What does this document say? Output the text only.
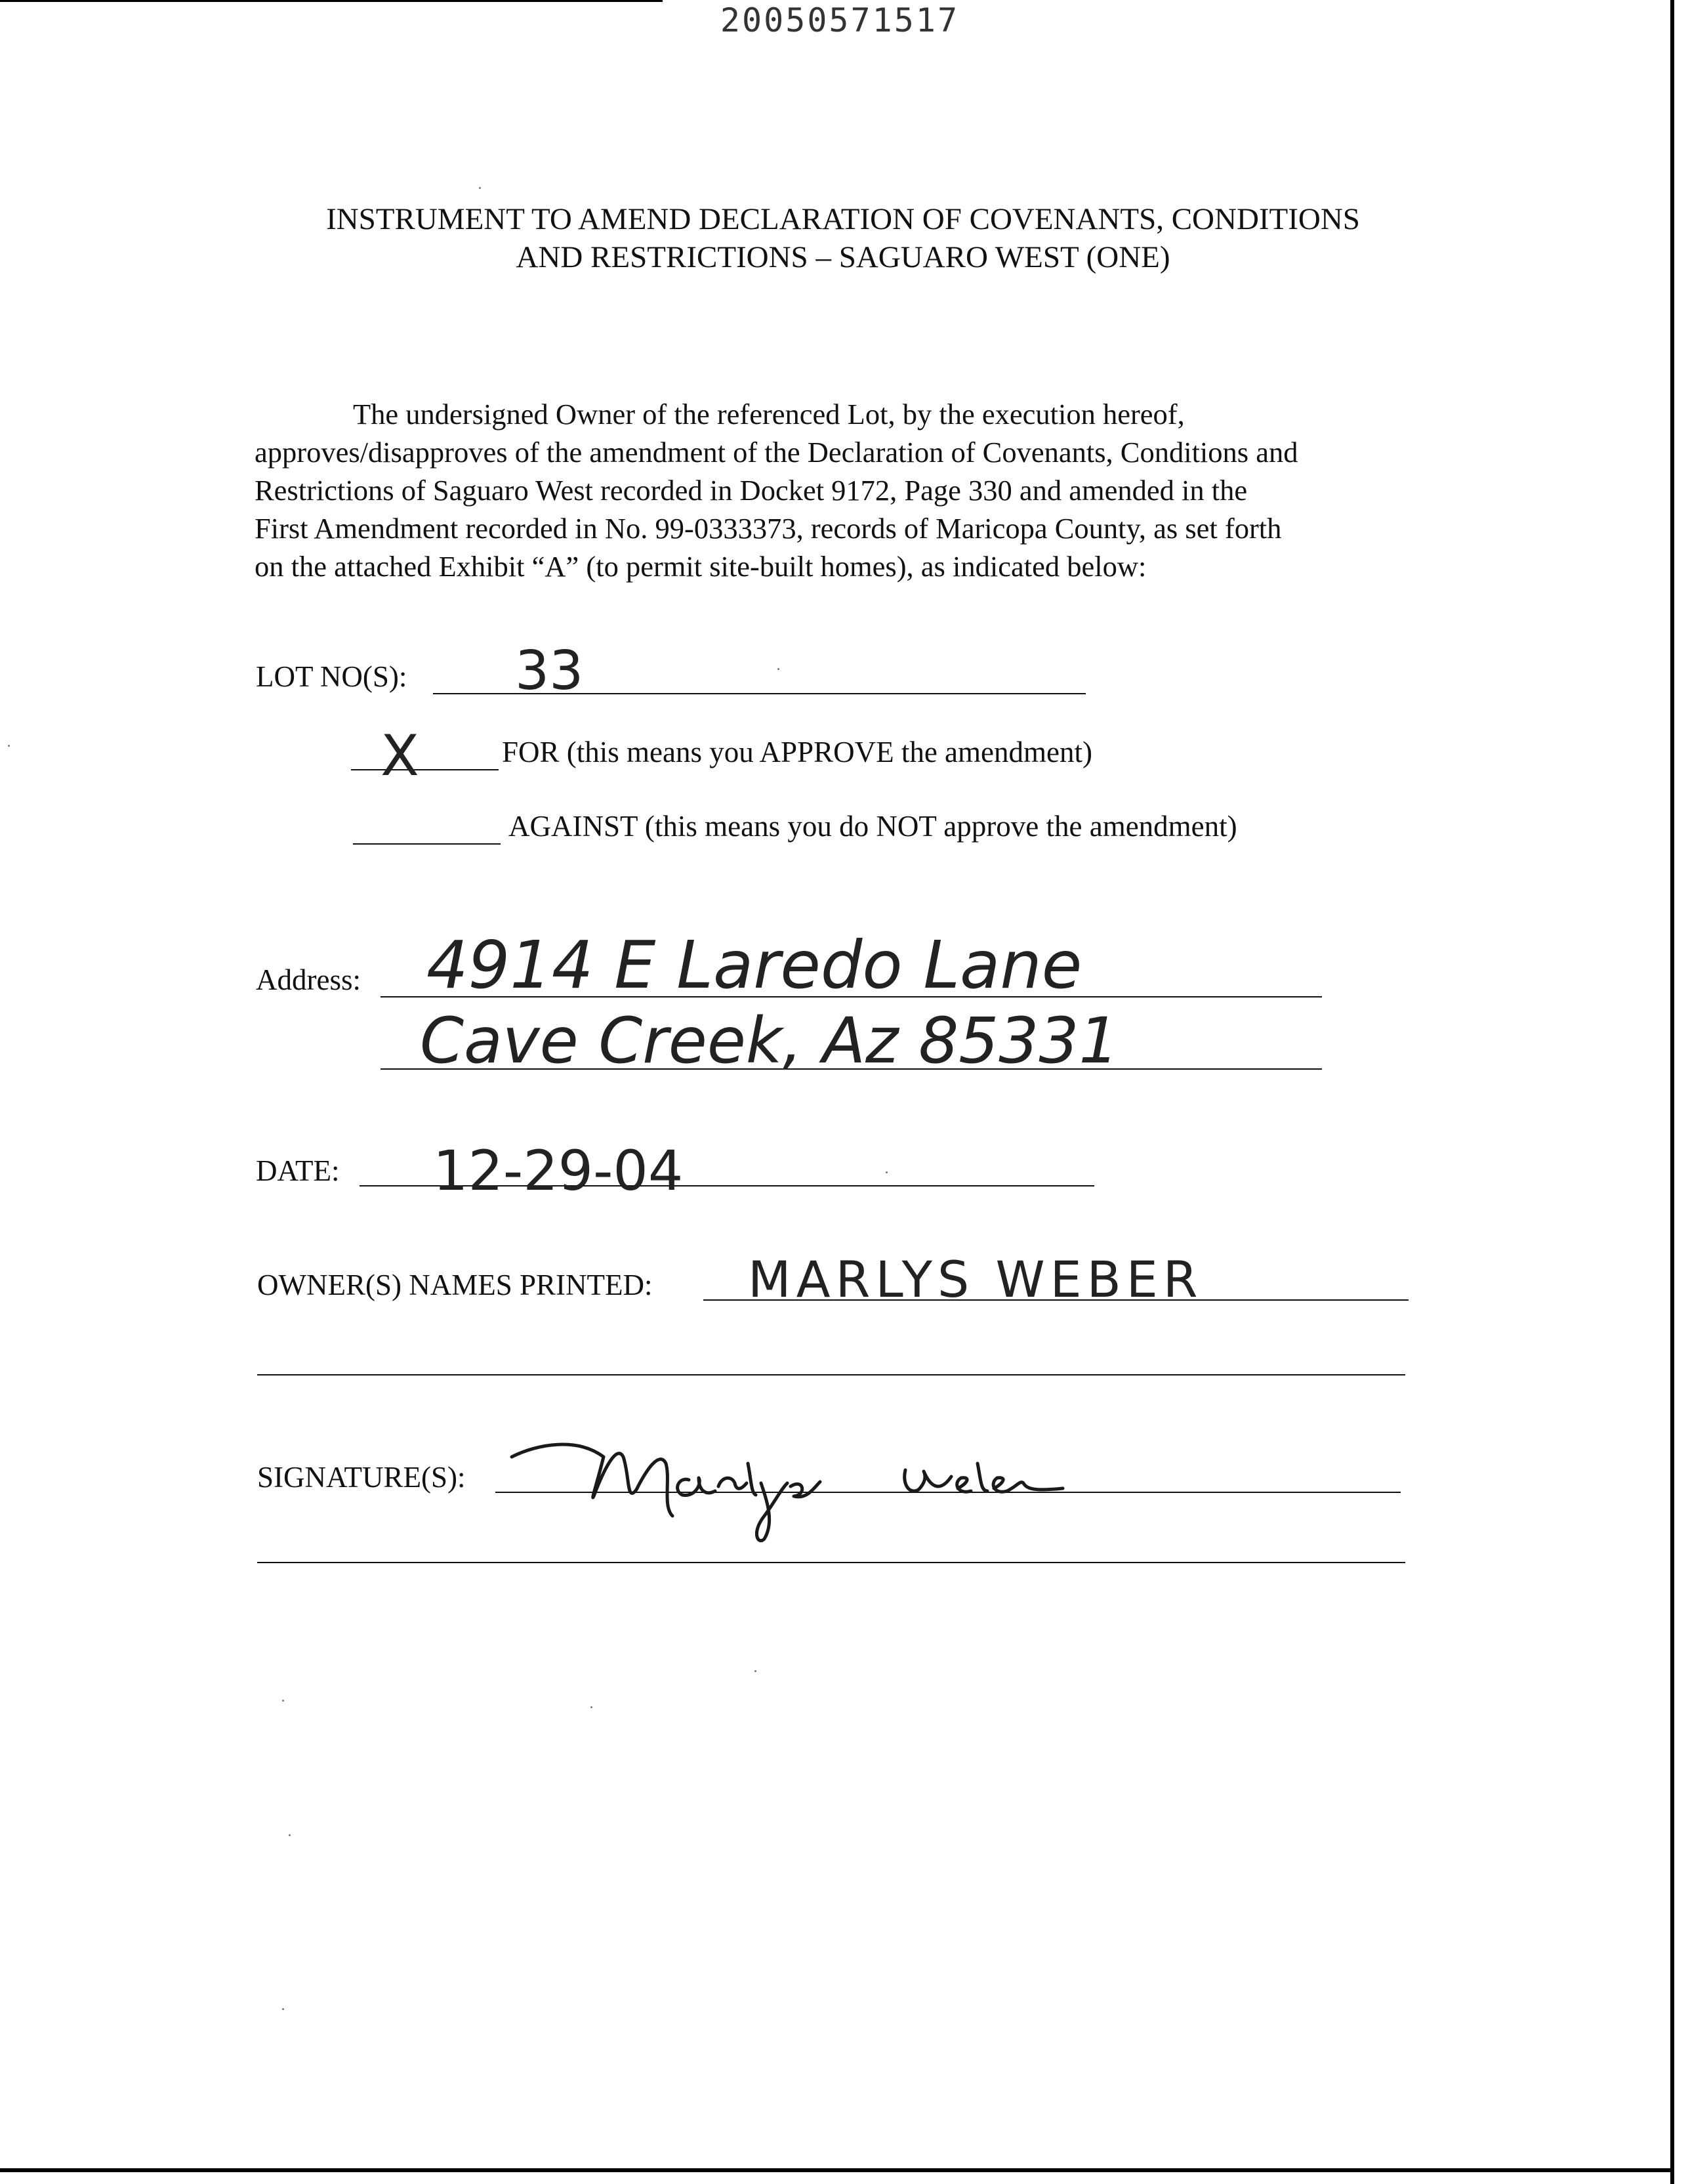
20050571517
INSTRUMENT TO AMEND DECLARATION OF COVENANTS, CONDITIONS
AND RESTRICTIONS – SAGUARO WEST (ONE)
The undersigned Owner of the referenced Lot, by the execution hereof,
approves/disapproves of the amendment of the Declaration of Covenants, Conditions and
Restrictions of Saguaro West recorded in Docket 9172, Page 330 and amended in the
First Amendment recorded in No. 99-0333373, records of Maricopa County, as set forth
on the attached Exhibit “A” (to permit site-built homes), as indicated below:
LOT NO(S): 33
X	FOR (this means you APPROVE the amendment)
AGAINST (this means you do NOT approve the amendment)
Address: 4914 E Laredo Lane
Cave Creek, Az 85331
DATE: 12-29-04
OWNER(S) NAMES PRINTED: MARLYS WEBER
SIGNATURE(S):
